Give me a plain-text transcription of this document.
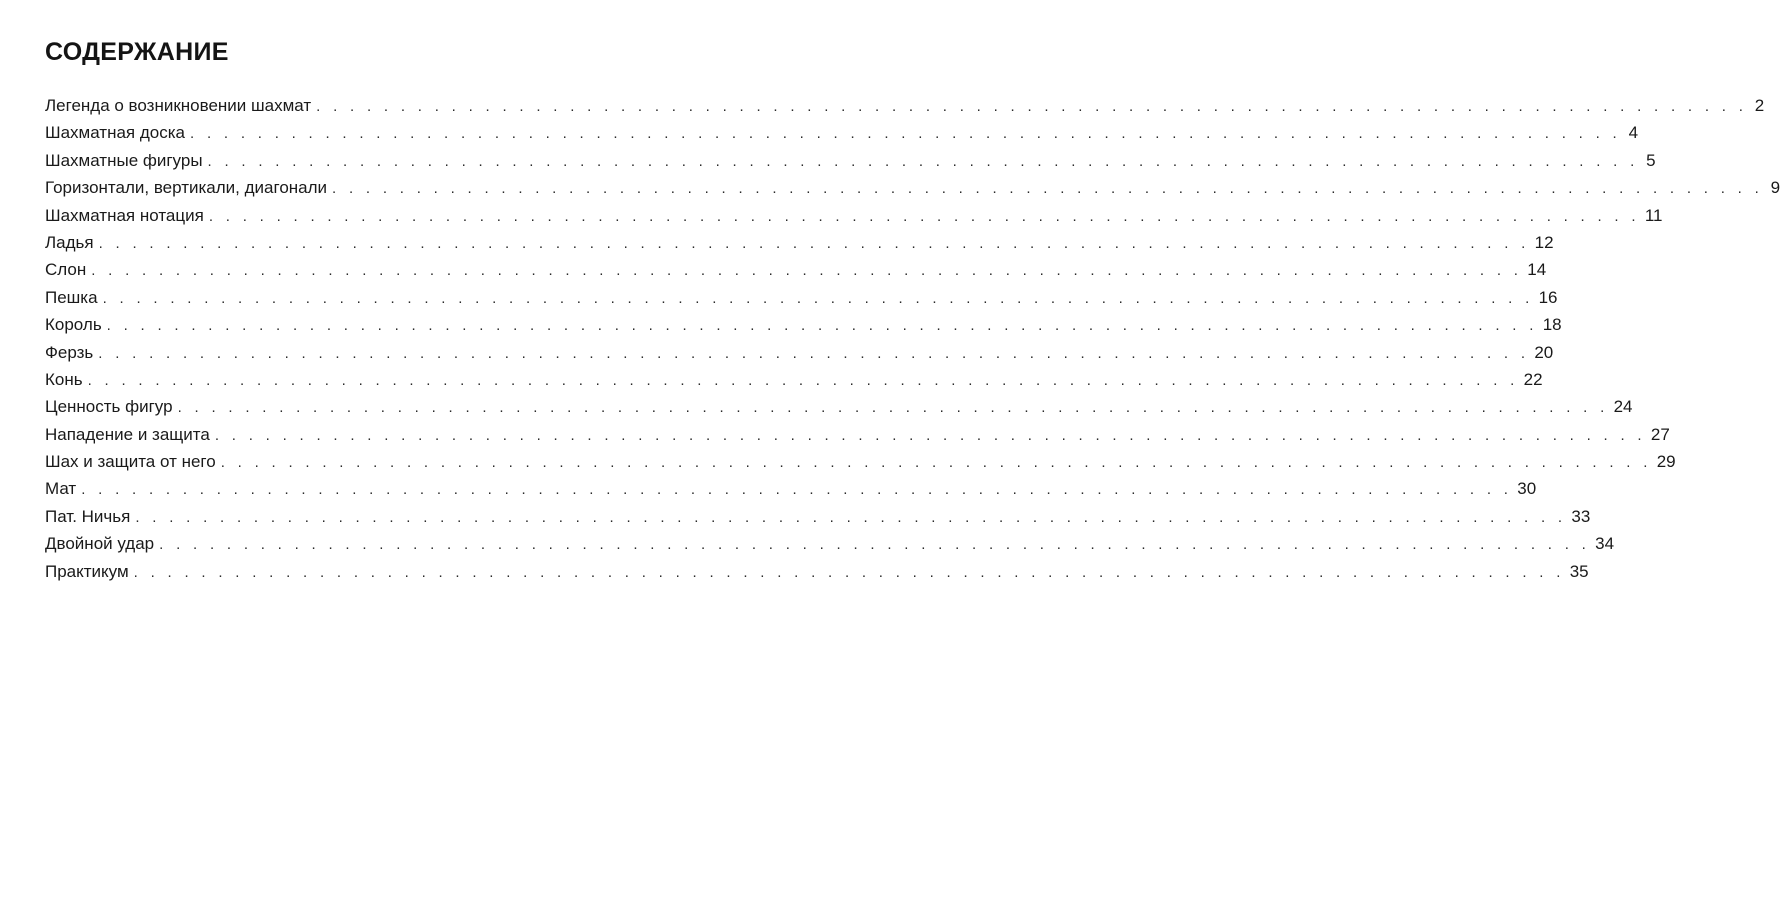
СОДЕРЖАНИЕ
Легенда о возникновении шахмат . . . . . . . . . . . . . . . . . . . . . . . . . . . . . . . . . . . . . . . . . . . . . . . . . . . . . . . . . . . . . . . . . . . . . . . . . . . . . . . . . . . . . 2
Шахматная доска . . . . . . . . . . . . . . . . . . . . . . . . . . . . . . . . . . . . . . . . . . . . . . . . . . . . . . . . . . . . . . . . . . . . . . . . . . . . . . . . . . . . . 4
Шахматные фигуры . . . . . . . . . . . . . . . . . . . . . . . . . . . . . . . . . . . . . . . . . . . . . . . . . . . . . . . . . . . . . . . . . . . . . . . . . . . . . . . . . . . . . 5
Горизонтали, вертикали, диагонали . . . . . . . . . . . . . . . . . . . . . . . . . . . . . . . . . . . . . . . . . . . . . . . . . . . . . . . . . . . . . . . . . . . . . . . . . . . . . . . . . . . . . 9
Шахматная нотация . . . . . . . . . . . . . . . . . . . . . . . . . . . . . . . . . . . . . . . . . . . . . . . . . . . . . . . . . . . . . . . . . . . . . . . . . . . . . . . . . . . . . 11
Ладья . . . . . . . . . . . . . . . . . . . . . . . . . . . . . . . . . . . . . . . . . . . . . . . . . . . . . . . . . . . . . . . . . . . . . . . . . . . . . . . . . . . . . 12
Слон . . . . . . . . . . . . . . . . . . . . . . . . . . . . . . . . . . . . . . . . . . . . . . . . . . . . . . . . . . . . . . . . . . . . . . . . . . . . . . . . . . . . . 14
Пешка . . . . . . . . . . . . . . . . . . . . . . . . . . . . . . . . . . . . . . . . . . . . . . . . . . . . . . . . . . . . . . . . . . . . . . . . . . . . . . . . . . . . . 16
Король . . . . . . . . . . . . . . . . . . . . . . . . . . . . . . . . . . . . . . . . . . . . . . . . . . . . . . . . . . . . . . . . . . . . . . . . . . . . . . . . . . . . . 18
Ферзь . . . . . . . . . . . . . . . . . . . . . . . . . . . . . . . . . . . . . . . . . . . . . . . . . . . . . . . . . . . . . . . . . . . . . . . . . . . . . . . . . . . . . 20
Конь . . . . . . . . . . . . . . . . . . . . . . . . . . . . . . . . . . . . . . . . . . . . . . . . . . . . . . . . . . . . . . . . . . . . . . . . . . . . . . . . . . . . . 22
Ценность фигур . . . . . . . . . . . . . . . . . . . . . . . . . . . . . . . . . . . . . . . . . . . . . . . . . . . . . . . . . . . . . . . . . . . . . . . . . . . . . . . . . . . . . 24
Нападение и защита . . . . . . . . . . . . . . . . . . . . . . . . . . . . . . . . . . . . . . . . . . . . . . . . . . . . . . . . . . . . . . . . . . . . . . . . . . . . . . . . . . . . . 27
Шах и защита от него . . . . . . . . . . . . . . . . . . . . . . . . . . . . . . . . . . . . . . . . . . . . . . . . . . . . . . . . . . . . . . . . . . . . . . . . . . . . . . . . . . . . . 29
Мат . . . . . . . . . . . . . . . . . . . . . . . . . . . . . . . . . . . . . . . . . . . . . . . . . . . . . . . . . . . . . . . . . . . . . . . . . . . . . . . . . . . . . 30
Пат. Ничья . . . . . . . . . . . . . . . . . . . . . . . . . . . . . . . . . . . . . . . . . . . . . . . . . . . . . . . . . . . . . . . . . . . . . . . . . . . . . . . . . . . . . 33
Двойной удар . . . . . . . . . . . . . . . . . . . . . . . . . . . . . . . . . . . . . . . . . . . . . . . . . . . . . . . . . . . . . . . . . . . . . . . . . . . . . . . . . . . . . 34
Практикум . . . . . . . . . . . . . . . . . . . . . . . . . . . . . . . . . . . . . . . . . . . . . . . . . . . . . . . . . . . . . . . . . . . . . . . . . . . . . . . . . . . . . 35
